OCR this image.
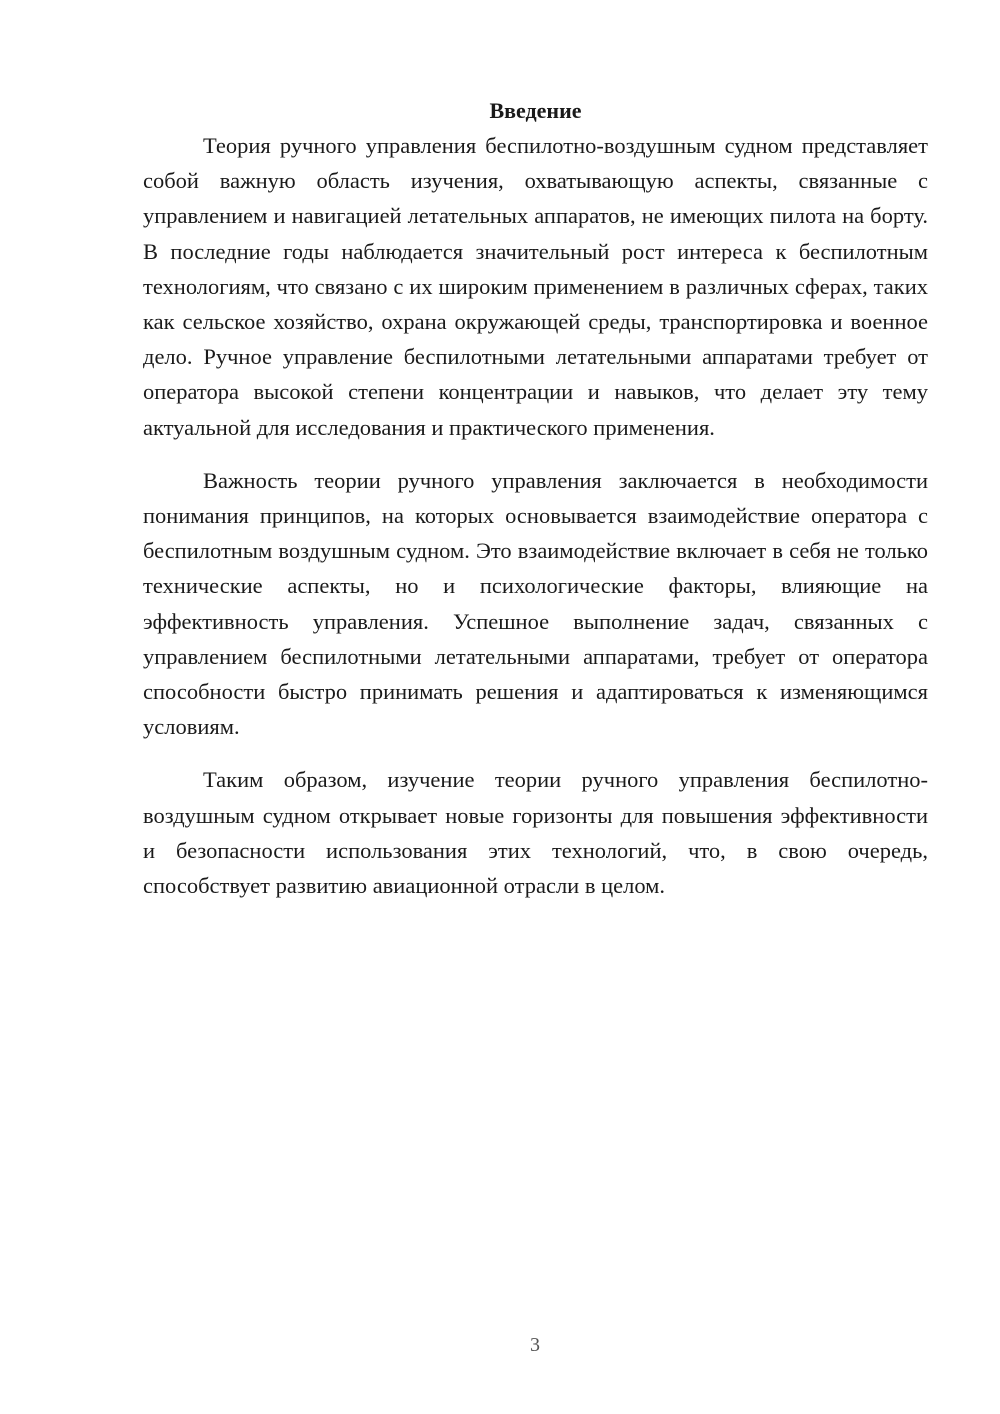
Введение

Теория ручного управления беспилотно-воздушным судном представляет собой важную область изучения, охватывающую аспекты, связанные с управлением и навигацией летательных аппаратов, не имеющих пилота на борту. В последние годы наблюдается значительный рост интереса к беспилотным технологиям, что связано с их широким применением в различных сферах, таких как сельское хозяйство, охрана окружающей среды, транспортировка и военное дело. Ручное управление беспилотными летательными аппаратами требует от оператора высокой степени концентрации и навыков, что делает эту тему актуальной для исследования и практического применения.

Важность теории ручного управления заключается в необходимости понимания принципов, на которых основывается взаимодействие оператора с беспилотным воздушным судном. Это взаимодействие включает в себя не только технические аспекты, но и психологические факторы, влияющие на эффективность управления. Успешное выполнение задач, связанных с управлением беспилотными летательными аппаратами, требует от оператора способности быстро принимать решения и адаптироваться к изменяющимся условиям.

Таким образом, изучение теории ручного управления беспилотно-воздушным судном открывает новые горизонты для повышения эффективности и безопасности использования этих технологий, что, в свою очередь, способствует развитию авиационной отрасли в целом.

3
